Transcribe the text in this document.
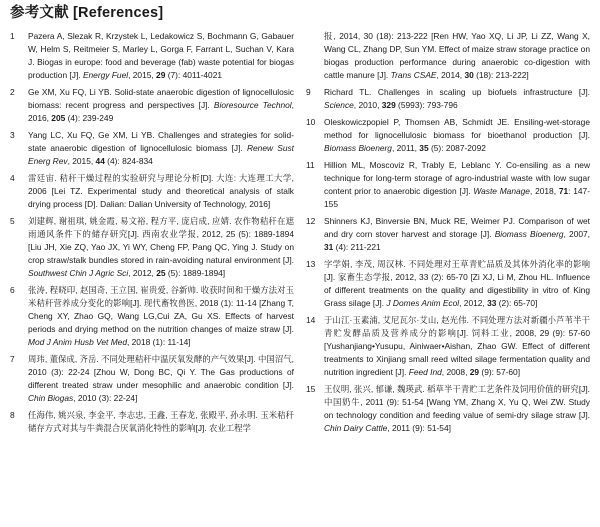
参考文献 [References]
1	Pazera A, Slezak R, Krzystek L, Ledakowicz S, Bochmann G, Gabauer W, Helm S, Reitmeier S, Marley L, Gorga F, Farrant L, Suchan V, Kara J. Biogas in europe: food and beverage (fab) waste potential for biogas production [J]. Energy Fuel, 2015, 29 (7): 4011-4021
2	Ge XM, Xu FQ, Li YB. Solid-state anaerobic digestion of lignocellulosic biomass: recent progress and perspectives [J]. Bioresource Technol, 2016, 205 (4): 239-249
3	Yang LC, Xu FQ, Ge XM, Li YB. Challenges and strategies for solid-state anaerobic digestion of lignocellulosic biomass [J]. Renew Sust Energ Rev, 2015, 44 (4): 824-834
4	雷廷宙. 秸秆干燥过程的实验研究与理论分析[D]. 大连: 大连理工大学, 2006 [Lei TZ. Experimental study and theoretical analysis of stalk drying process [D]. Dalian: Dalian University of Technology, 2016]
5	刘建辉, 谢祖琪, 姚金霞, 易文裕, 程方平, 庞启成, 应婧. 农作物秸秆在遮雨通风条件下的储存研究[J]. 西南农业学报, 2012, 25 (5): 1889-1894 [Liu JH, Xie ZQ, Yao JX, Yi WY, Cheng FP, Pang QC, Ying J. Study on crop straw/stalk bundles stored in rain-avoiding natural environment [J]. Southwest Chin J Agric Sci, 2012, 25 (5): 1889-1894]
6	张涛, 程晓印, 赵国奇, 王立国, 崔贵爱, 谷新帅. 收获时间和干燥方法对玉米秸秆营养成分变化的影响[J]. 现代畜牧兽医, 2018 (1): 11-14 [Zhang T, Cheng XY, Zhao GQ, Wang LG,Cui ZA, Gu XS. Effects of harvest periods and drying method on the nutrition changes of maize straw [J]. Mod J Anim Husb Vet Med, 2018 (1): 11-14]
7	周玮, 董保成, 齐岳. 不同处理秸秆中温厌氧发酵的产气效果[J]. 中国沼气, 2010 (3): 22-24 [Zhou W, Dong BC, Qi Y. The Gas productions of different treated straw under mesophilic and anaerobic condition [J]. Chin Biogas, 2010 (3): 22-24]
8	任海伟, 姚兴泉, 李金平, 李志忠, 王鑫, 王春龙, 张殿平, 孙永明. 玉米秸秆储存方式对其与牛粪混合厌氧消化特性的影响[J]. 农业工程学
报, 2014, 30 (18): 213-222 [Ren HW, Yao XQ, Li JP, Li ZZ, Wang X, Wang CL, Zhang DP, Sun YM. Effect of maize straw storage practice on biogas production performance during anaerobic co-digestion with cattle manure [J]. Trans CSAE, 2014, 30 (18): 213-222]
9	Richard TL. Challenges in scaling up biofuels infrastructure [J]. Science, 2010, 329 (5993): 793-796
10	Oleskowiczpopiel P, Thomsen AB, Schmidt JE. Ensiling-wet-storage method for lignocellulosic biomass for bioethanol production [J]. Biomass Bioenerg, 2011, 35 (5): 2087-2092
11	Hillion ML, Moscoviz R, Trably E, Leblanc Y. Co-ensiling as a new technique for long-term storage of agro-industrial waste with low sugar content prior to anaerobic digestion [J]. Waste Manage, 2018, 71: 147-155
12	Shinners KJ, Binversie BN, Muck RE, Weimer PJ. Comparison of wet and dry corn stover harvest and storage [J]. Biomass Bioenerg, 2007, 31 (4): 211-221
13	字学娟, 李茂, 周汉林. 不同处理对王草青贮品质及其体外消化率的影响[J]. 家畜生态学报, 2012, 33 (2): 65-70 [Zi XJ, Li M, Zhou HL. Influence of different treatments on the quality and digestibility in vitro of King Grass silage [J]. J Domes Anim Ecol, 2012, 33 (2): 65-70]
14	于山江·玉素浦, 艾尼瓦尔·艾山, 赵光伟. 不同处理方法对新疆小芦苇半干青贮发酵品质及营养成分的影响[J]. 饲料工业, 2008, 29 (9): 57-60 [Yushanjiang•Yusupu, Ainiwaer•Aishan, Zhao GW. Effect of different treatments to Xinjiang small reed wilted silage fermentation quality and nutrition ingredient [J]. Feed Ind, 2008, 29 (9): 57-60]
15	王仪明, 张兴, 郁谦, 魏瑛武. 稻草半干青贮工艺条件及饲用价值的研究[J]. 中国奶牛, 2011 (9): 51-54 [Wang YM, Zhang X, Yu Q, Wei ZW. Study on technology condition and feeding value of semi-dry silage straw [J]. Chin Dairy Cattle, 2011 (9): 51-54]
